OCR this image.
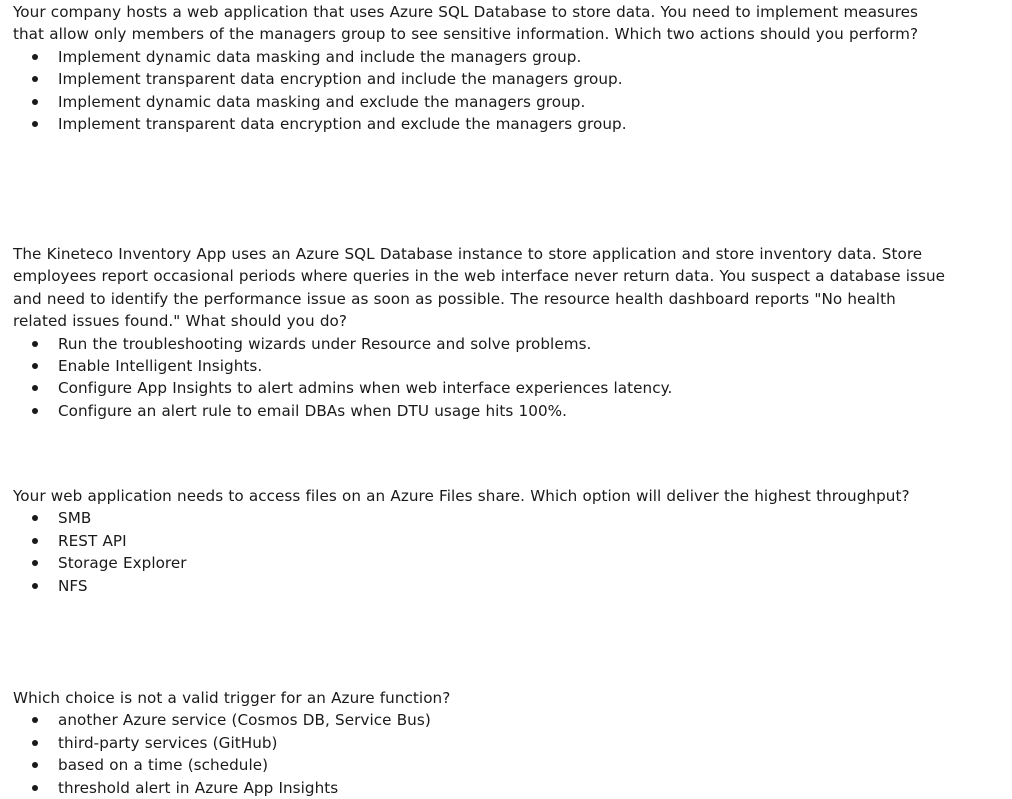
Your company hosts a web application that uses Azure SQL Database to store data. You need to implement measures that allow only members of the managers group to see sensitive information. Which two actions should you perform?

Implement dynamic data masking and include the managers group.
Implement transparent data encryption and include the managers group.
Implement dynamic data masking and exclude the managers group.
Implement transparent data encryption and exclude the managers group.

The Kineteco Inventory App uses an Azure SQL Database instance to store application and store inventory data. Store employees report occasional periods where queries in the web interface never return data. You suspect a database issue and need to identify the performance issue as soon as possible. The resource health dashboard reports "No health related issues found." What should you do?

Run the troubleshooting wizards under Resource and solve problems.
Enable Intelligent Insights.
Configure App Insights to alert admins when web interface experiences latency.
Configure an alert rule to email DBAs when DTU usage hits 100%.

Your web application needs to access files on an Azure Files share. Which option will deliver the highest throughput?

SMB
REST API
Storage Explorer
NFS

Which choice is not a valid trigger for an Azure function?

another Azure service (Cosmos DB, Service Bus)
third-party services (GitHub)
based on a time (schedule)
threshold alert in Azure App Insights
